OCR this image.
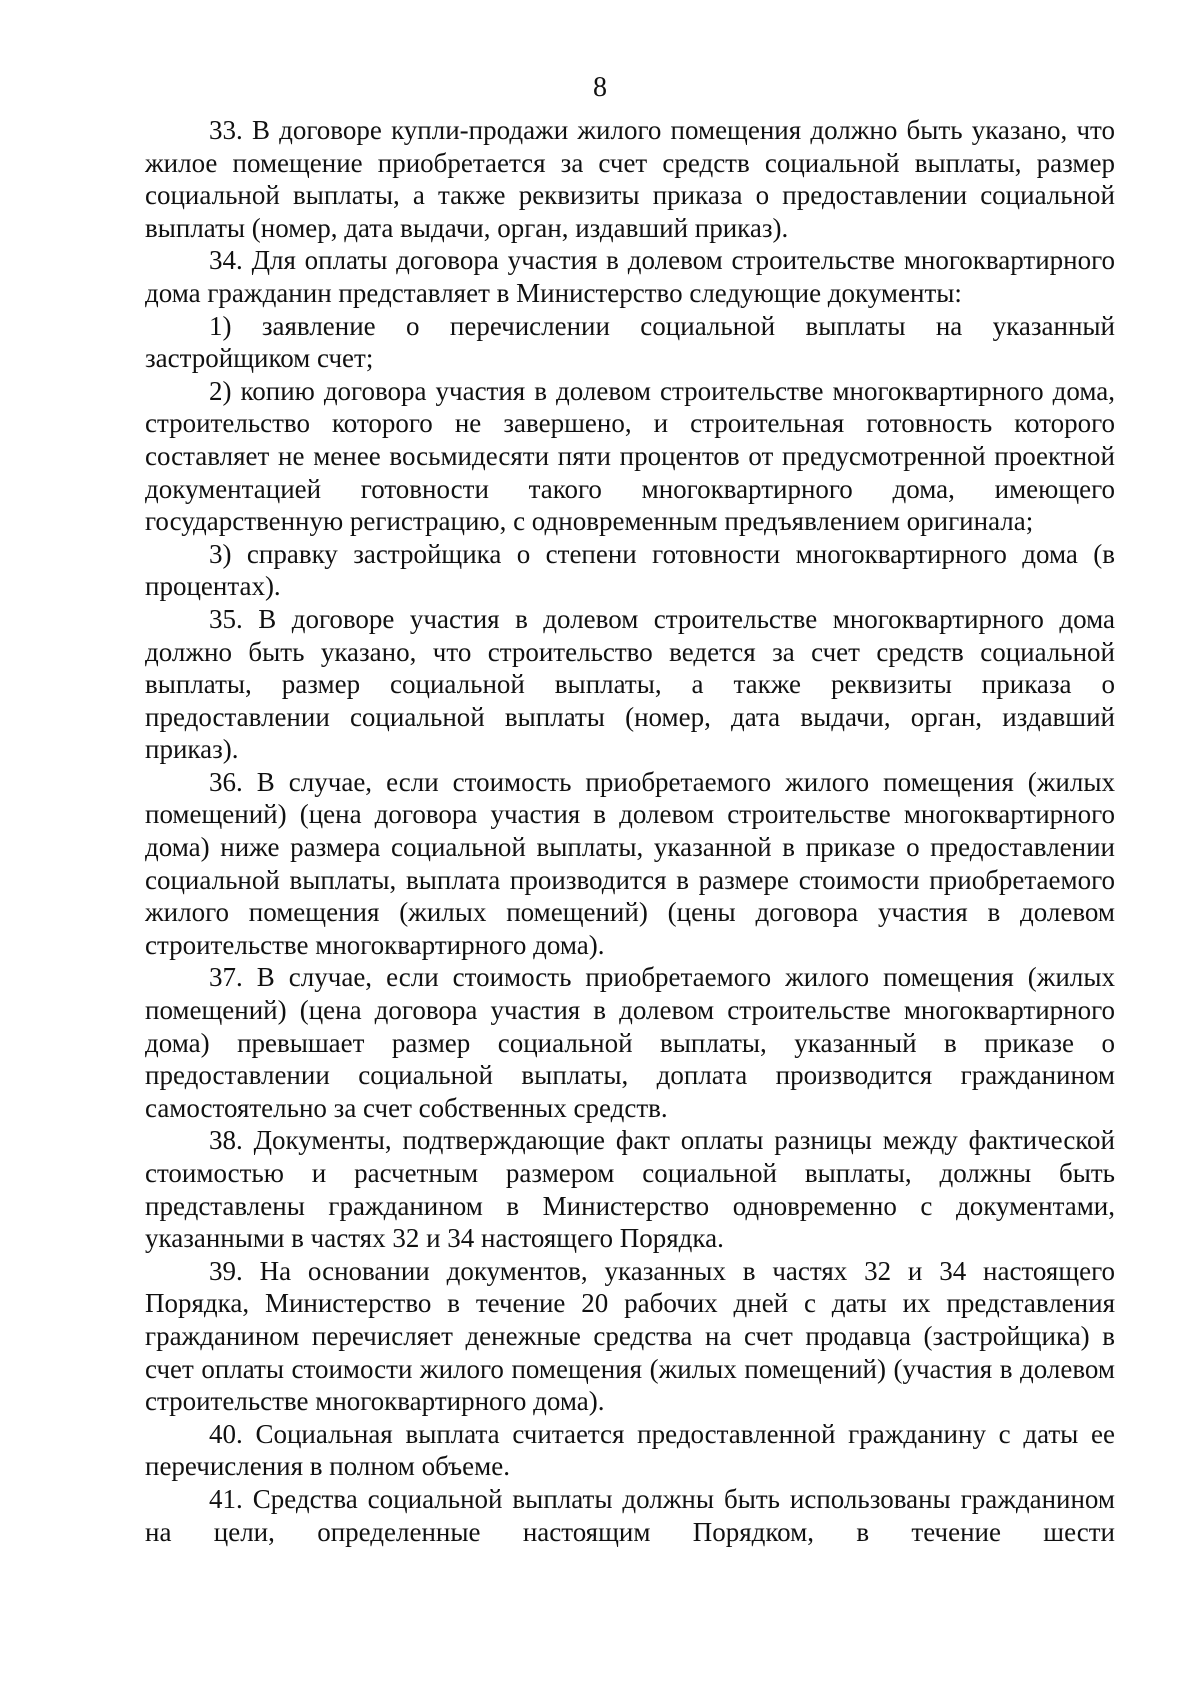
8

33. В договоре купли-продажи жилого помещения должно быть указано, что жилое помещение приобретается за счет средств социальной выплаты, размер социальной выплаты, а также реквизиты приказа о предоставлении социальной выплаты (номер, дата выдачи, орган, издавший приказ).

34. Для оплаты договора участия в долевом строительстве многоквартирного дома гражданин представляет в Министерство следующие документы:

1) заявление о перечислении социальной выплаты на указанный застройщиком счет;

2) копию договора участия в долевом строительстве многоквартирного дома, строительство которого не завершено, и строительная готовность которого составляет не менее восьмидесяти пяти процентов от предусмотренной проектной документацией готовности такого многоквартирного дома, имеющего государственную регистрацию, с одновременным предъявлением оригинала;

3) справку застройщика о степени готовности многоквартирного дома (в процентах).

35. В договоре участия в долевом строительстве многоквартирного дома должно быть указано, что строительство ведется за счет средств социальной выплаты, размер социальной выплаты, а также реквизиты приказа о предоставлении социальной выплаты (номер, дата выдачи, орган, издавший приказ).

36. В случае, если стоимость приобретаемого жилого помещения (жилых помещений) (цена договора участия в долевом строительстве многоквартирного дома) ниже размера социальной выплаты, указанной в приказе о предоставлении социальной выплаты, выплата производится в размере стоимости приобретаемого жилого помещения (жилых помещений) (цены договора участия в долевом строительстве многоквартирного дома).

37. В случае, если стоимость приобретаемого жилого помещения (жилых помещений) (цена договора участия в долевом строительстве многоквартирного дома) превышает размер социальной выплаты, указанный в приказе о предоставлении социальной выплаты, доплата производится гражданином самостоятельно за счет собственных средств.

38. Документы, подтверждающие факт оплаты разницы между фактической стоимостью и расчетным размером социальной выплаты, должны быть представлены гражданином в Министерство одновременно с документами, указанными в частях 32 и 34 настоящего Порядка.

39. На основании документов, указанных в частях 32 и 34 настоящего Порядка, Министерство в течение 20 рабочих дней с даты их представления гражданином перечисляет денежные средства на счет продавца (застройщика) в счет оплаты стоимости жилого помещения (жилых помещений) (участия в долевом строительстве многоквартирного дома).

40. Социальная выплата считается предоставленной гражданину с даты ее перечисления в полном объеме.

41. Средства социальной выплаты должны быть использованы гражданином на цели, определенные настоящим Порядком, в течение шести
